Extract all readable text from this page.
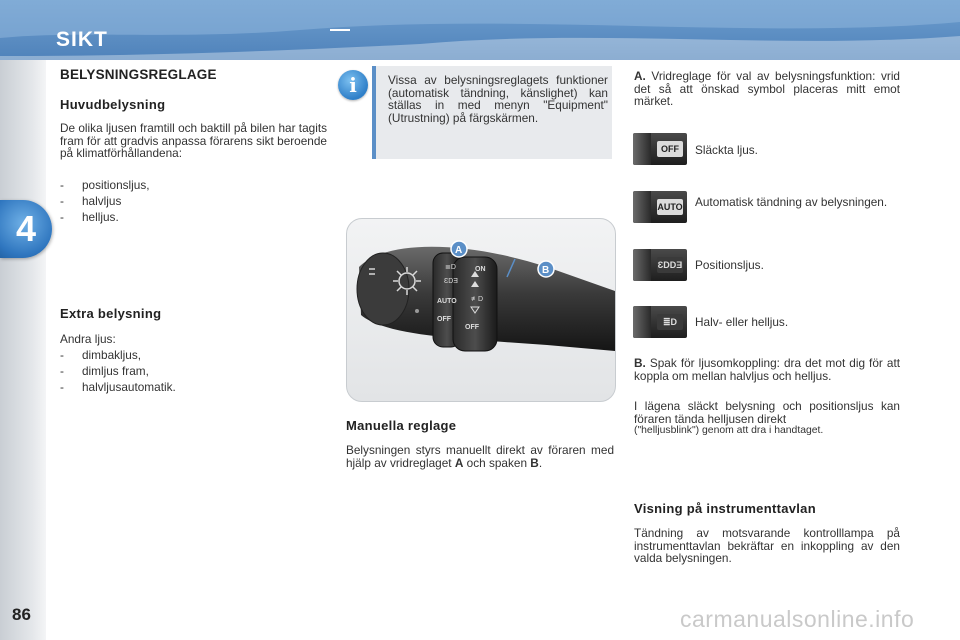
SIKT
4
86
BELYSNINGSREGLAGE
Huvudbelysning
De olika ljusen framtill och baktill på bilen har tagits fram för att gradvis anpassa förarens sikt beroende på klimatförhållandena:
- positionsljus,
- halvljus
- helljus.
Extra belysning
Andra ljus:
- dimbakljus,
- dimljus fram,
- halvljusautomatik.
i	Vissa av belysningsreglagets funktioner (automatisk tändning, känslighet) kan ställas in med menyn "Equipment" (Utrustning) på färgskärmen.
≣D
ƐDƎ
AUTO
OFF
ON
≢D
OFF
A
B
Manuella reglage
Belysningen styrs manuellt direkt av föraren med hjälp av vridreglaget A och spaken B.
A. Vridreglage för val av belysningsfunktion: vrid det så att önskad symbol placeras mitt emot märket.
OFF	Släckta ljus.
AUTO Automatisk tändning av belysningen.
ƐDDƎ Positionsljus.
≣D	Halv- eller helljus.
B. Spak för ljusomkoppling: dra det mot dig för att koppla om mellan halvljus och helljus.
I lägena släckt belysning och positionsljus kan föraren tända helljusen direkt
("helljusblink") genom att dra i handtaget.
Visning på instrumenttavlan
Tändning av motsvarande kontrolllampa på instrumenttavlan bekräftar en inkoppling av den valda belysningen.
carmanualsonline.info
